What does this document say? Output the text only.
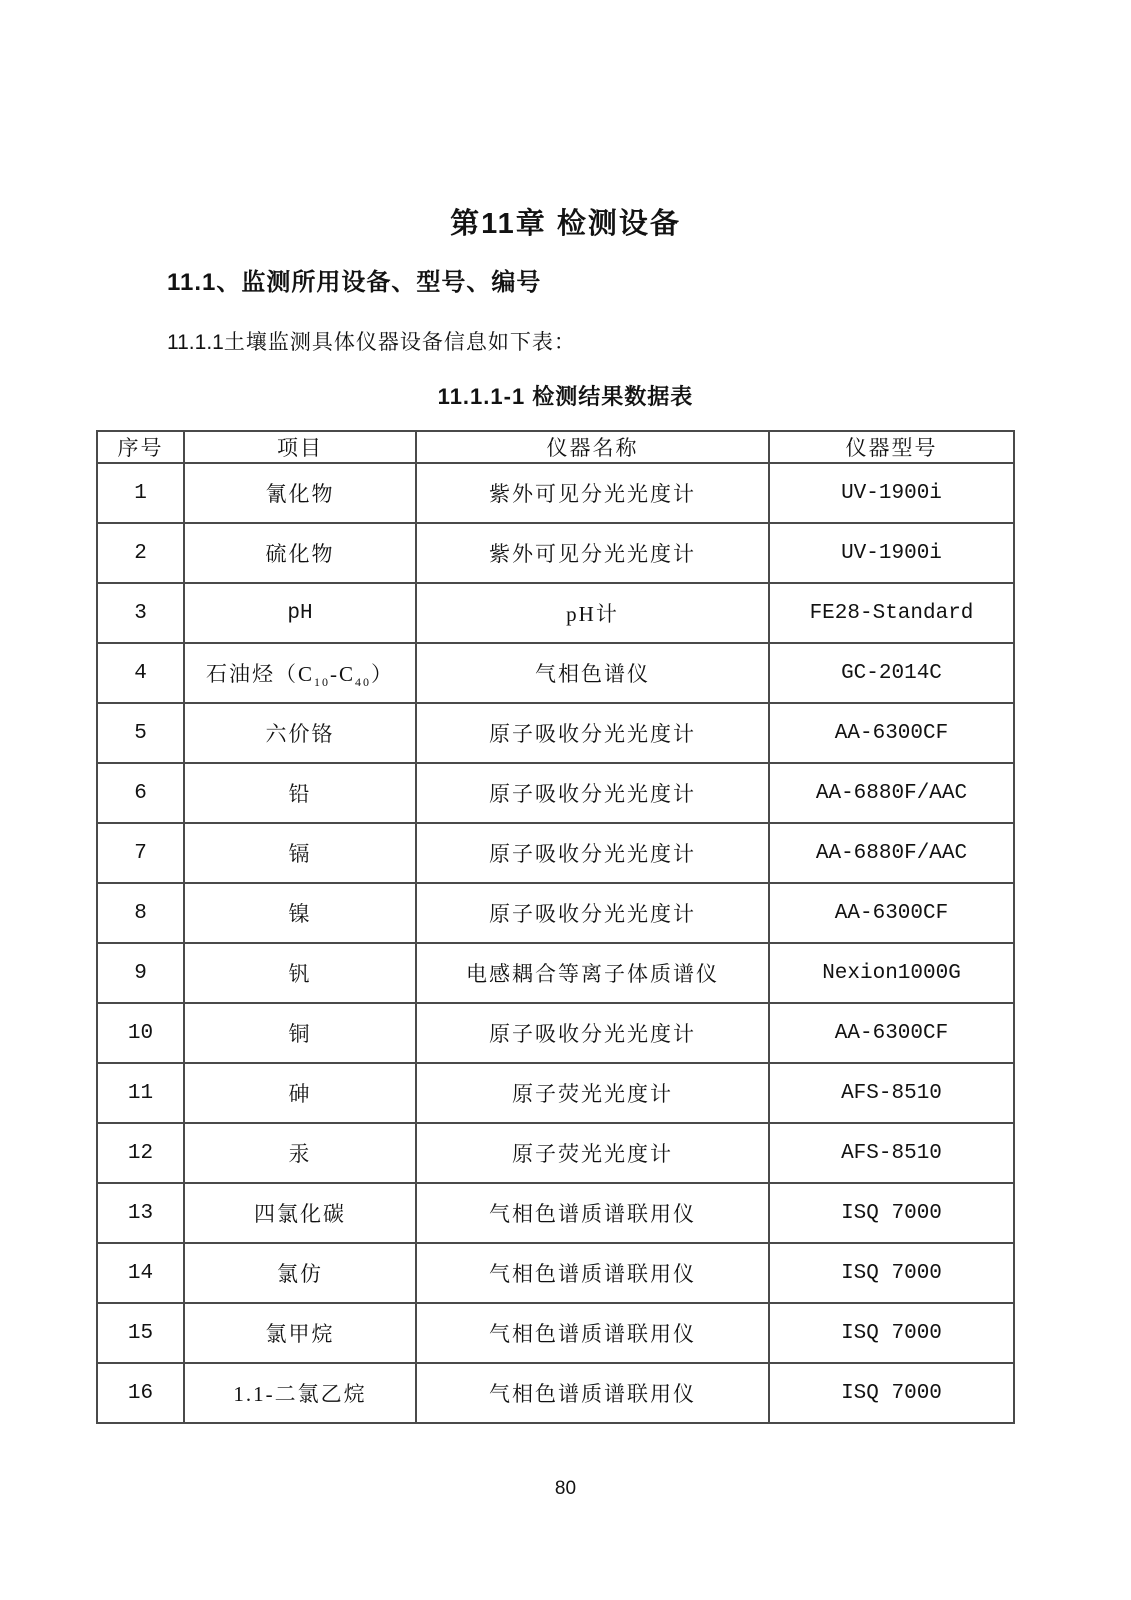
第11章 检测设备
11.1、监测所用设备、型号、编号
11.1.1土壤监测具体仪器设备信息如下表：
11.1.1-1 检测结果数据表
序号	项目	仪器名称	仪器型号
1	氰化物	紫外可见分光光度计	UV-1900i
2	硫化物	紫外可见分光光度计	UV-1900i
3	pH	pH计	FE28-Standard
4	石油烃$(C_{10}-C_{40})$	气相色谱仪	GC-2014C
5	六价铬	原子吸收分光光度计	AA-6300CF
6	铅	原子吸收分光光度计	AA-6880F/AAC
7	镉	原子吸收分光光度计	AA-6880F/AAC
8	镍	原子吸收分光光度计	AA-6300CF
9	钒	电感耦合等离子体质谱仪	Nexion1000G
10	铜	原子吸收分光光度计	AA-6300CF
11	砷	原子荧光光度计	AFS-8510
12	汞	原子荧光光度计	AFS-8510
13	四氯化碳	气相色谱质谱联用仪	ISQ 7000
14	氯仿	气相色谱质谱联用仪	ISQ 7000
15	氯甲烷	气相色谱质谱联用仪	ISQ 7000
16	1.1-二氯乙烷	气相色谱质谱联用仪	ISQ 7000
80
